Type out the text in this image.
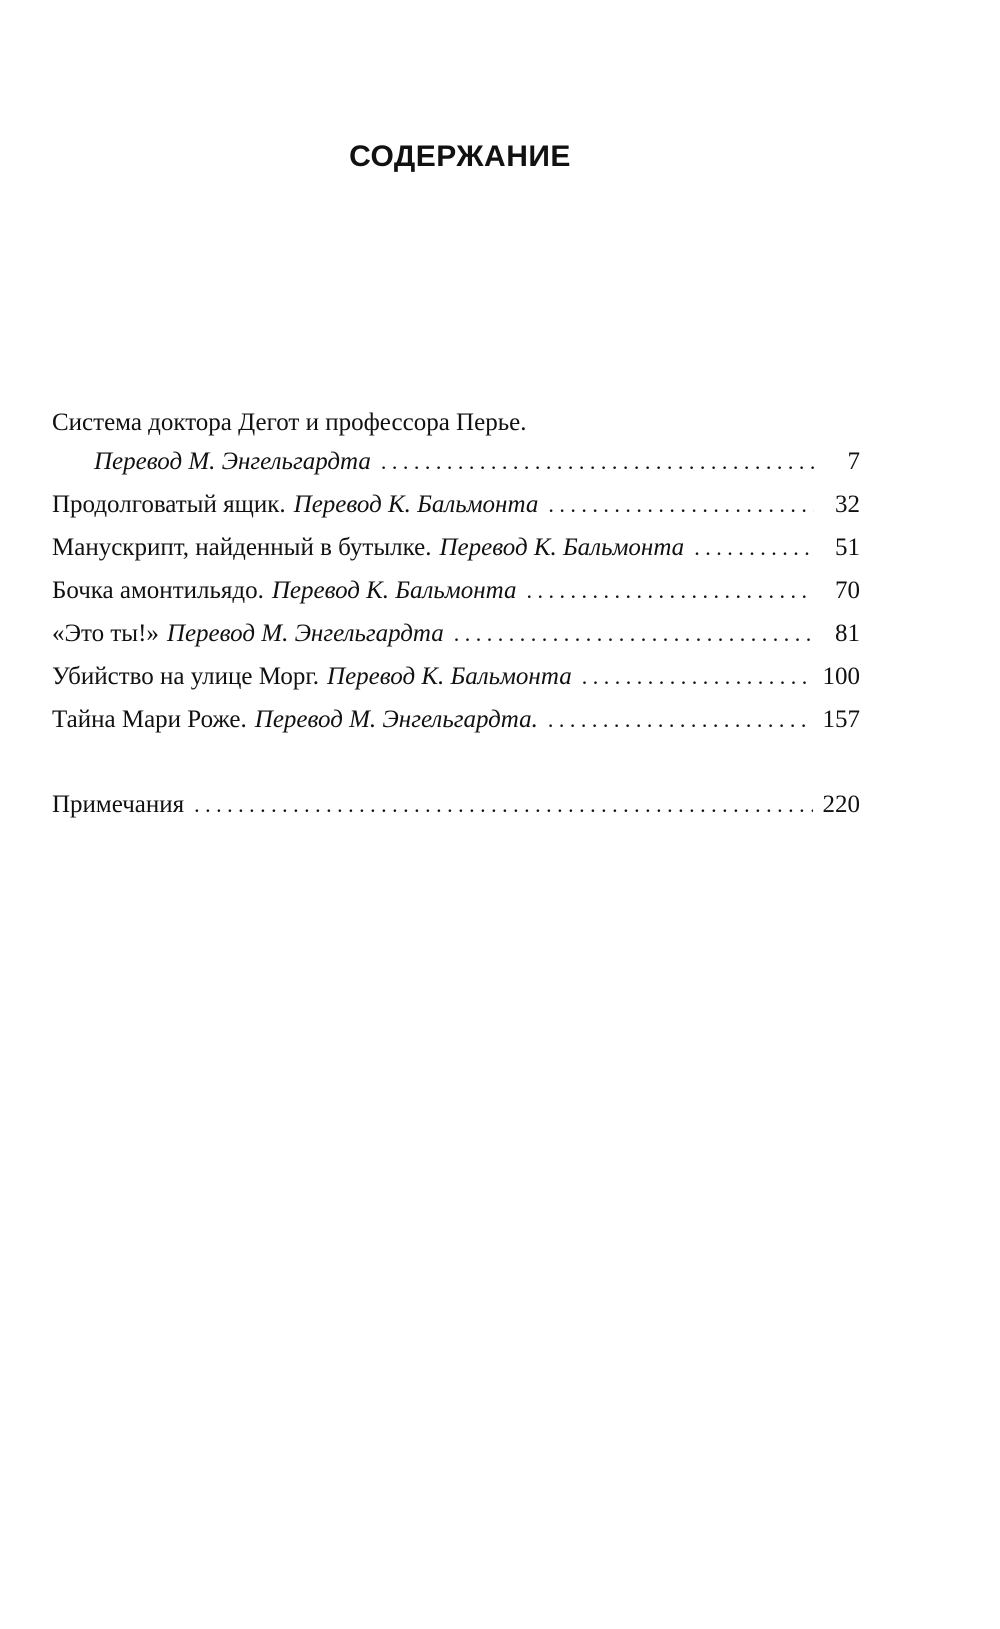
СОДЕРЖАНИЕ
Система доктора Дегот и профессора Перье.
Перевод М. Энгельгардта . . .	7
Продолговатый ящик. Перевод К. Бальмонта . . .	32
Манускрипт, найденный в бутылке. Перевод К. Бальмонта . . .	51
Бочка амонтильядо. Перевод К. Бальмонта . . .	70
«Это ты!» Перевод М. Энгельгардта . . .	81
Убийство на улице Морг. Перевод К. Бальмонта . . .	100
Тайна Мари Роже. Перевод М. Энгельгардта. . . .	157
Примечания . . .	220
